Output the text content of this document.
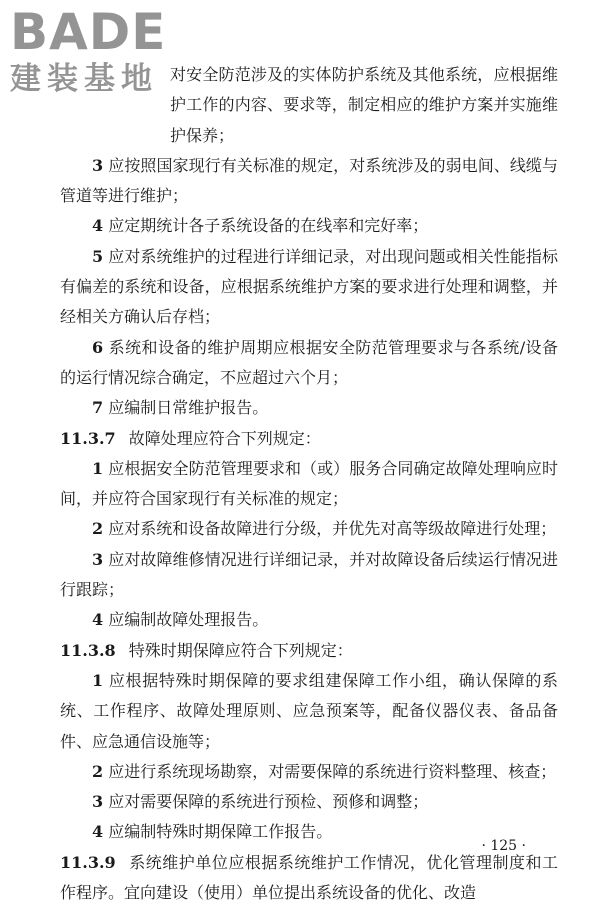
BADE
建装基地 对安全防范涉及的实体防护系统及其他系统，应根据维护工作的内容、要求等，制定相应的维护方案并实施维护保养；

3 应按照国家现行有关标准的规定，对系统涉及的弱电间、线缆与管道等进行维护；

4 应定期统计各子系统设备的在线率和完好率；

5 应对系统维护的过程进行详细记录，对出现问题或相关性能指标有偏差的系统和设备，应根据系统维护方案的要求进行处理和调整，并经相关方确认后存档；

6 系统和设备的维护周期应根据安全防范管理要求与各系统/设备的运行情况综合确定，不应超过六个月；

7 应编制日常维护报告。

11.3.7 故障处理应符合下列规定：

1 应根据安全防范管理要求和（或）服务合同确定故障处理响应时间，并应符合国家现行有关标准的规定；

2 应对系统和设备故障进行分级，并优先对高等级故障进行处理；

3 应对故障维修情况进行详细记录，并对故障设备后续运行情况进行跟踪；

4 应编制故障处理报告。

11.3.8 特殊时期保障应符合下列规定：

1 应根据特殊时期保障的要求组建保障工作小组，确认保障的系统、工作程序、故障处理原则、应急预案等，配备仪器仪表、备品备件、应急通信设施等；

2 应进行系统现场勘察，对需要保障的系统进行资料整理、核查；

3 应对需要保障的系统进行预检、预修和调整；

4 应编制特殊时期保障工作报告。

11.3.9 系统维护单位应根据系统维护工作情况，优化管理制度和工作程序。宜向建设（使用）单位提出系统设备的优化、改造

· 125 ·
